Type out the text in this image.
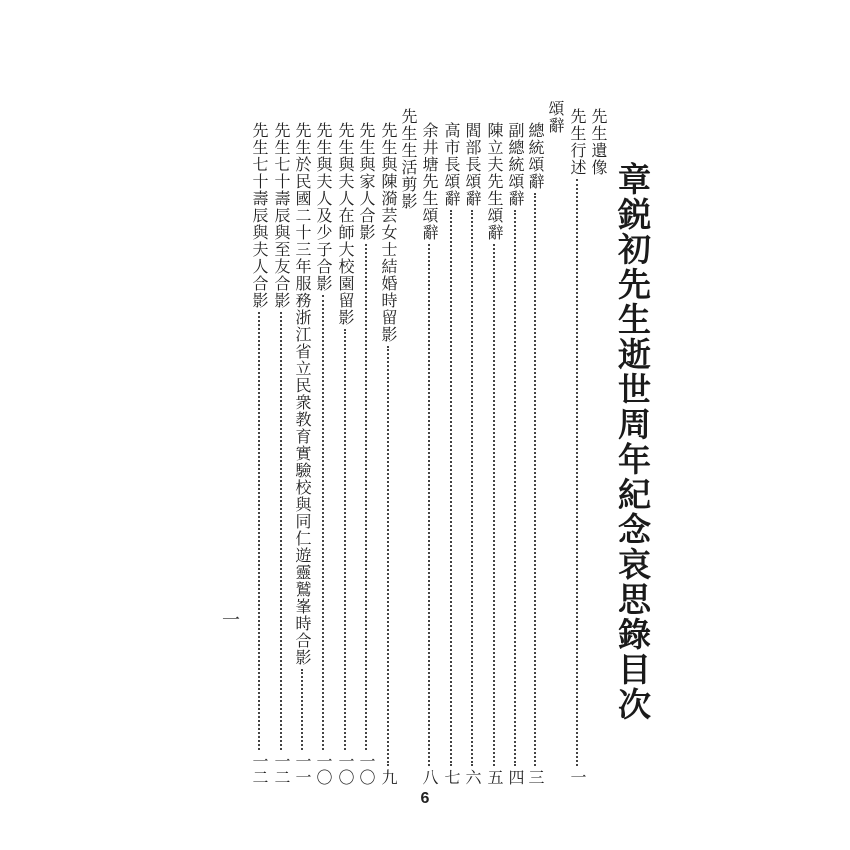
章鋭初先生逝世周年紀念哀思錄目次
先生遺像
先生行述
一
頌辭
總統頌辭
三
副總統頌辭
四
陳立夫先生頌辭
五
閻部長頌辭
六
高市長頌辭
七
余井塘先生頌辭
八
先生生活剪影
先生與陳漪芸女士結婚時留影
九
先生與家人合影
一〇
先生與夫人在師大校園留影
一〇
先生與夫人及少子合影
一〇
先生於民國二十三年服務浙江省立民衆教育實驗校與同仁遊靈鷲峯時合影
一一
先生七十壽辰與至友合影
一二
先生七十壽辰與夫人合影
一二
一
6
